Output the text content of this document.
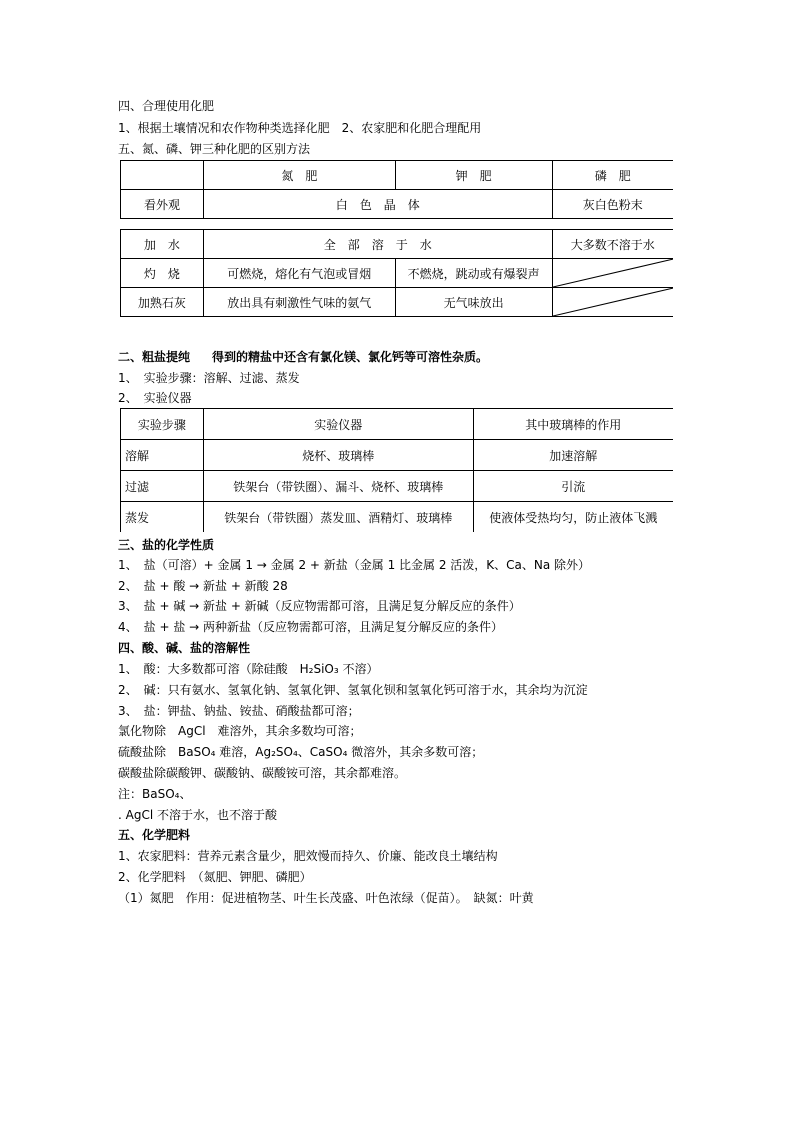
四、合理使用化肥
1、根据土壤情况和农作物种类选择化肥　2、农家肥和化肥合理配用
五、氮、磷、钾三种化肥的区别方法
	氮　肥	钾　肥	磷　肥
看外观	白　色　晶　体		灰白色粉末
加　水	全　部　溶　于　水		大多数不溶于水
灼　烧	可燃烧，熔化有气泡或冒烟	不燃烧，跳动或有爆裂声	

加熟石灰	放出具有刺激性气味的氨气	无气味放出	
二、粗盐提纯 得到的精盐中还含有氯化镁、氯化钙等可溶性杂质。
1、　实验步骤：溶解、过滤、蒸发
2、　实验仪器
实验步骤	实验仪器	其中玻璃棒的作用
溶解	烧杯、玻璃棒	加速溶解
过滤	铁架台（带铁圈）、漏斗、烧杯、玻璃棒	引流
蒸发	铁架台（带铁圈）蒸发皿、酒精灯、玻璃棒	使液体受热均匀，防止液体飞溅
三、盐的化学性质
1、　盐（可溶）+ 金属 1 → 金属 2 + 新盐（金属 1 比金属 2 活泼，K、Ca、Na 除外）
2、　盐 + 酸 → 新盐 + 新酸 28
3、　盐 + 碱 → 新盐 + 新碱（反应物需都可溶，且满足复分解反应的条件）
4、　盐 + 盐 → 两种新盐（反应物需都可溶，且满足复分解反应的条件）
四、酸、碱、盐的溶解性
1、　酸：大多数都可溶（除硅酸　H₂SiO₃ 不溶）
2、　碱：只有氨水、氢氧化钠、氢氧化钾、氢氧化钡和氢氧化钙可溶于水，其余均为沉淀
3、　盐：钾盐、钠盐、铵盐、硝酸盐都可溶；
氯化物除　AgCl　难溶外，其余多数均可溶；
硫酸盐除　BaSO₄ 难溶，Ag₂SO₄、CaSO₄ 微溶外，其余多数可溶；
碳酸盐除碳酸钾、碳酸钠、碳酸铵可溶，其余都难溶。
注：BaSO₄、
. AgCl 不溶于水，也不溶于酸
五、化学肥料
1、农家肥料：营养元素含量少，肥效慢而持久、价廉、能改良土壤结构
2、化学肥料　（氮肥、钾肥、磷肥）
（1）氮肥　作用：促进植物茎、叶生长茂盛、叶色浓绿（促苗）。　缺氮：叶黄
